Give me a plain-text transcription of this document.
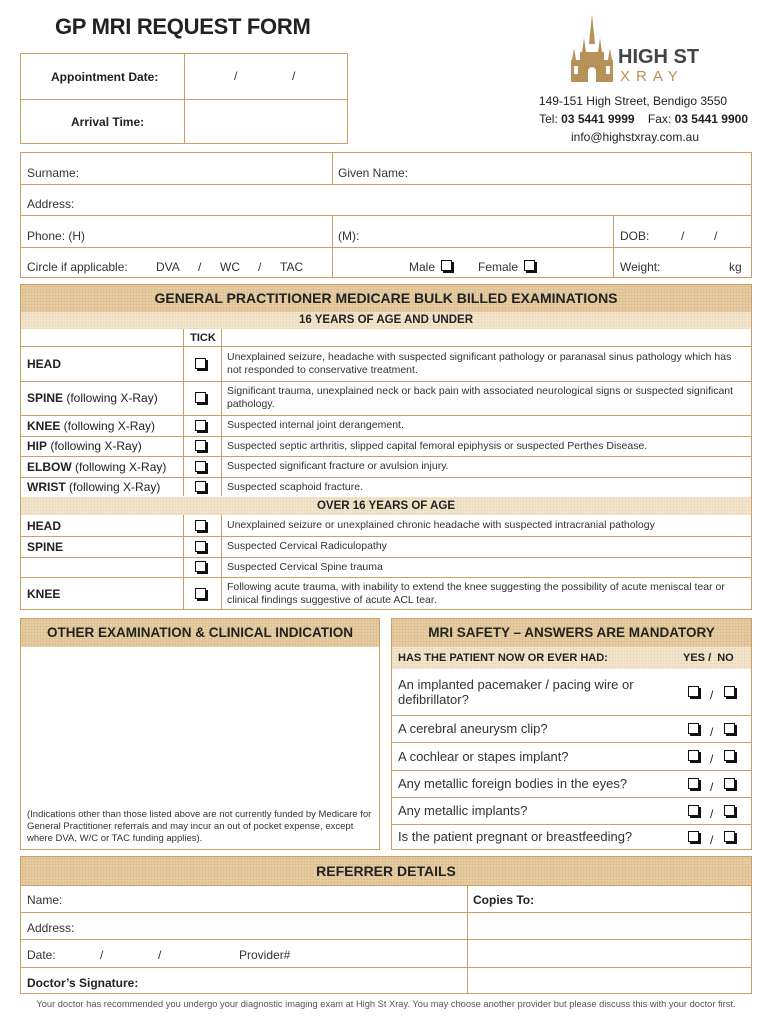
GP MRI REQUEST FORM
Appointment Date:	/	/
Arrival Time:
HIGH ST
XRAY
149-151 High Street, Bendigo 3550
Tel: 03 5441 9999 Fax: 03 5441 9900
info@highstxray.com.au
Surname:	Given Name:
Address:
Phone: (H)	(M):	DOB:	/ /
Circle if applicable: DVA / WC / TAC	Male	Female	Weight:	kg
GENERAL PRACTITIONER MEDICARE BULK BILLED EXAMINATIONS
16 YEARS OF AGE AND UNDER
TICK
HEAD	Unexplained seizure, headache with suspected significant pathology or paranasal sinus pathology which has not responded to conservative treatment.
SPINE (following X-Ray)	Significant trauma, unexplained neck or back pain with associated neurological signs or suspected significant pathology.
KNEE (following X-Ray)	Suspected internal joint derangement.
HIP (following X-Ray)	Suspected septic arthritis, slipped capital femoral epiphysis or suspected Perthes Disease.
ELBOW (following X-Ray)	Suspected significant fracture or avulsion injury.
WRIST (following X-Ray)	Suspected scaphoid fracture.
OVER 16 YEARS OF AGE
HEAD	Unexplained seizure or unexplained chronic headache with suspected intracranial pathology
SPINE	Suspected Cervical Radiculopathy
Suspected Cervical Spine trauma
KNEE	Following acute trauma, with inability to extend the knee suggesting the possibility of acute meniscal tear or clinical findings suggestive of acute ACL tear.
OTHER EXAMINATION & CLINICAL INDICATION
(Indications other than those listed above are not currently funded by Medicare for General Practitioner referrals and may incur an out of pocket expense, except where DVA, W/C or TAC funding applies).
MRI SAFETY – ANSWERS ARE MANDATORY
HAS THE PATIENT NOW OR EVER HAD:	YES /  NO
An implanted pacemaker / pacing wire or defibrillator?	/
A cerebral aneurysm clip?	/
A cochlear or stapes implant?	/
Any metallic foreign bodies in the eyes?	/
Any metallic implants?	/
Is the patient pregnant or breastfeeding?	/
REFERRER DETAILS
Name:	Copies To:
Address:
Date:	/	/	Provider#
Doctor’s Signature:
Your doctor has recommended you undergo your diagnostic imaging exam at High St Xray. You may choose another provider but please discuss this with your doctor first.
